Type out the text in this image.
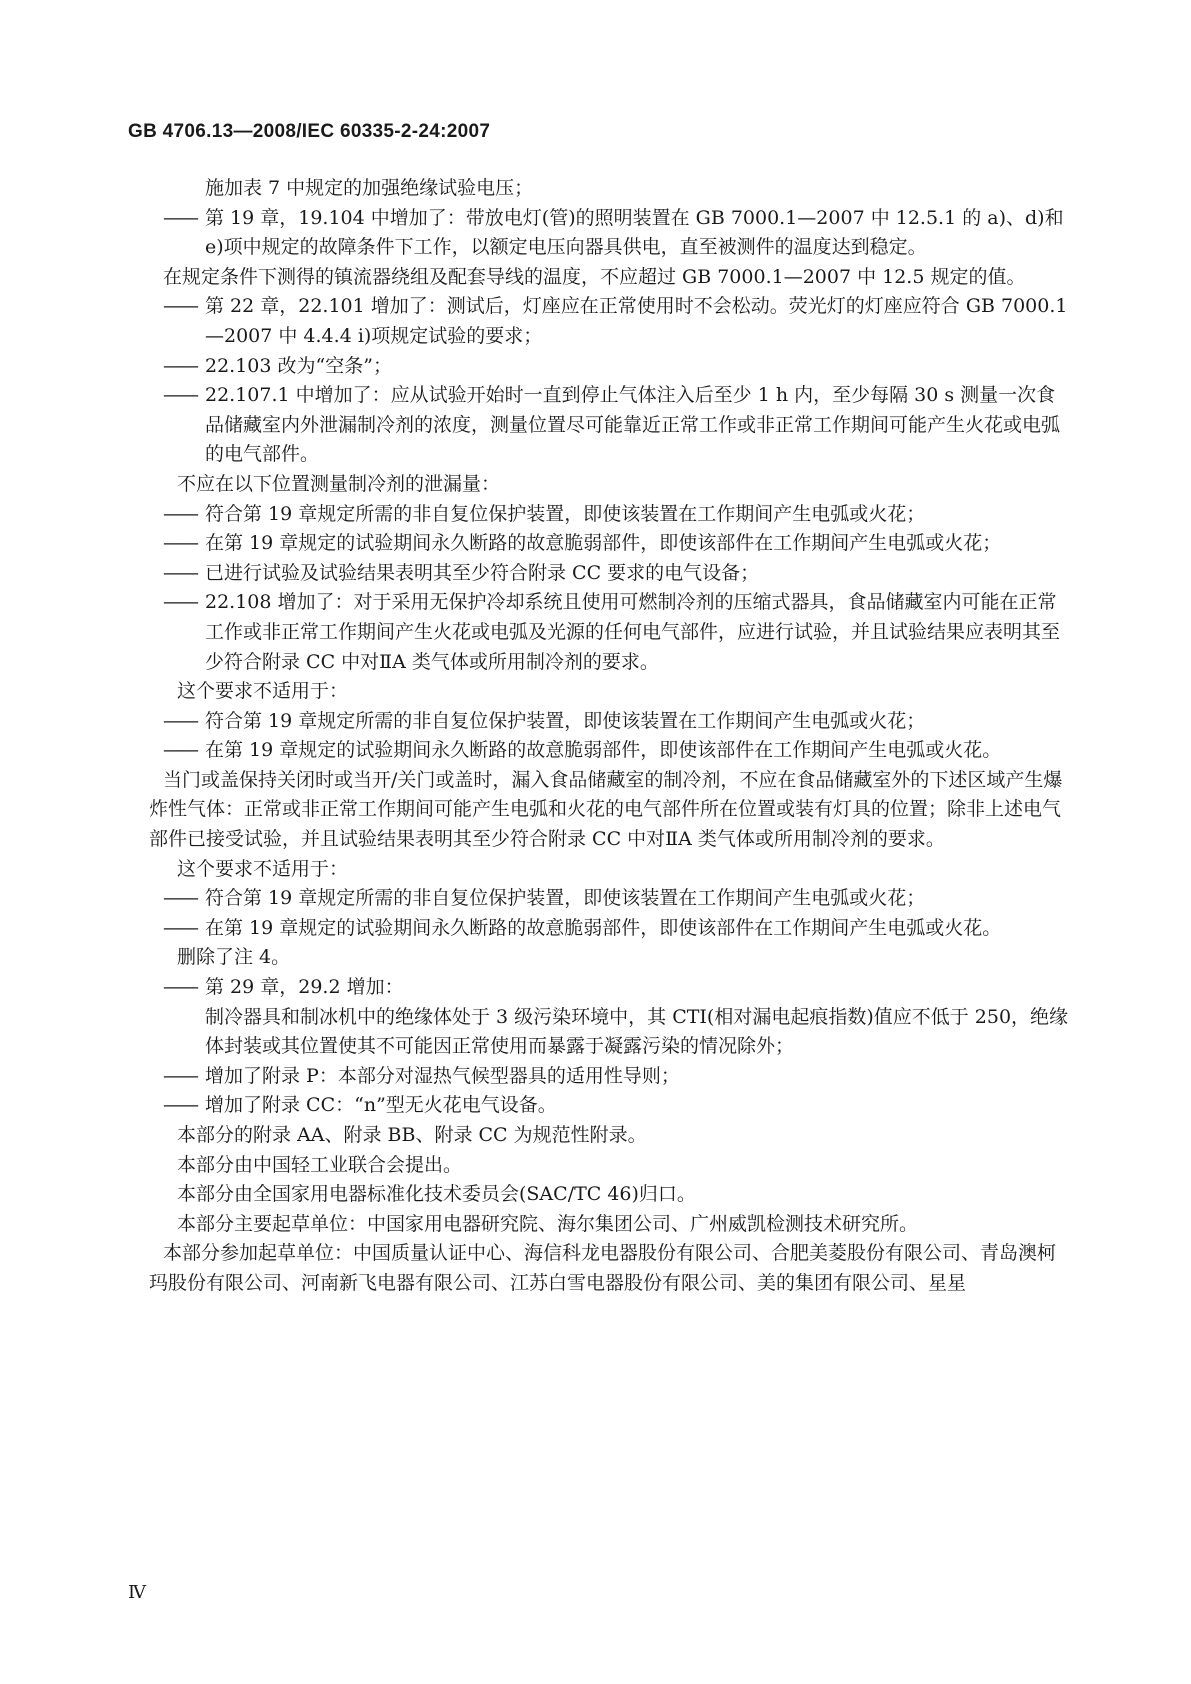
GB 4706.13—2008/IEC 60335-2-24:2007

施加表 7 中规定的加强绝缘试验电压；

—— 第 19 章，19.104 中增加了：带放电灯(管)的照明装置在 GB 7000.1—2007 中 12.5.1 的 a)、d)和 e)项中规定的故障条件下工作，以额定电压向器具供电，直至被测件的温度达到稳定。

在规定条件下测得的镇流器绕组及配套导线的温度，不应超过 GB 7000.1—2007 中 12.5 规定的值。

—— 第 22 章，22.101 增加了：测试后，灯座应在正常使用时不会松动。荧光灯的灯座应符合 GB 7000.1—2007 中 4.4.4 i)项规定试验的要求；

—— 22.103 改为“空条”；

—— 22.107.1 中增加了：应从试验开始时一直到停止气体注入后至少 1 h 内，至少每隔 30 s 测量一次食品储藏室内外泄漏制冷剂的浓度，测量位置尽可能靠近正常工作或非正常工作期间可能产生火花或电弧的电气部件。

不应在以下位置测量制冷剂的泄漏量：

—— 符合第 19 章规定所需的非自复位保护装置，即使该装置在工作期间产生电弧或火花；

—— 在第 19 章规定的试验期间永久断路的故意脆弱部件，即使该部件在工作期间产生电弧或火花；

—— 已进行试验及试验结果表明其至少符合附录 CC 要求的电气设备；

—— 22.108 增加了：对于采用无保护冷却系统且使用可燃制冷剂的压缩式器具，食品储藏室内可能在正常工作或非正常工作期间产生火花或电弧及光源的任何电气部件，应进行试验，并且试验结果应表明其至少符合附录 CC 中对ⅡA 类气体或所用制冷剂的要求。

这个要求不适用于：

—— 符合第 19 章规定所需的非自复位保护装置，即使该装置在工作期间产生电弧或火花；

—— 在第 19 章规定的试验期间永久断路的故意脆弱部件，即使该部件在工作期间产生电弧或火花。

当门或盖保持关闭时或当开/关门或盖时，漏入食品储藏室的制冷剂，不应在食品储藏室外的下述区域产生爆炸性气体：正常或非正常工作期间可能产生电弧和火花的电气部件所在位置或装有灯具的位置；除非上述电气部件已接受试验，并且试验结果表明其至少符合附录 CC 中对ⅡA 类气体或所用制冷剂的要求。

这个要求不适用于：

—— 符合第 19 章规定所需的非自复位保护装置，即使该装置在工作期间产生电弧或火花；

—— 在第 19 章规定的试验期间永久断路的故意脆弱部件，即使该部件在工作期间产生电弧或火花。

删除了注 4。

—— 第 29 章，29.2 增加：

制冷器具和制冰机中的绝缘体处于 3 级污染环境中，其 CTI(相对漏电起痕指数)值应不低于 250，绝缘体封装或其位置使其不可能因正常使用而暴露于凝露污染的情况除外；

—— 增加了附录 P：本部分对湿热气候型器具的适用性导则；

—— 增加了附录 CC：“n”型无火花电气设备。

本部分的附录 AA、附录 BB、附录 CC 为规范性附录。

本部分由中国轻工业联合会提出。

本部分由全国家用电器标准化技术委员会(SAC/TC 46)归口。

本部分主要起草单位：中国家用电器研究院、海尔集团公司、广州威凯检测技术研究所。

本部分参加起草单位：中国质量认证中心、海信科龙电器股份有限公司、合肥美菱股份有限公司、青岛澳柯玛股份有限公司、河南新飞电器有限公司、江苏白雪电器股份有限公司、美的集团有限公司、星星

Ⅳ
